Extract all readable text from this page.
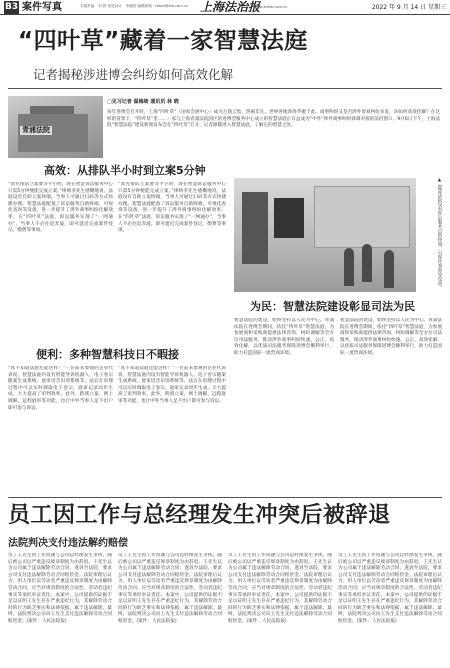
B3 案件写真	本版责编：刘 胜 视觉设计：李晓阳 编辑邮箱：fzbzd@fzb.com.cn 上海法治报
www.shfzb.com.cn	2022 年 9 月 14 日 星期三
“四叶草”藏着一家智慧法庭
记者揭秘涉进博会纠纷如何高效化解
青浦法院
□见习记者 翟梅绮 通讯员 林 晓
每年进博会召开时，上海“四叶草”（国家会展中心）成为万商云集、热闹非凡、世界各地客商齐聚于此。商事纠纷又是否涉外贸易纠纷多发，该如何高效化解？在这样的背景下，“四叶草”里……一家与上海青浦法院园区的进博会服务中心成立的智慧法庭正日益成为“中外”涉外商事纠纷诉调对接的前沿窗口。9月6日下午，上海法院“智慧法院”建设新闻发布会在“四叶草”召开，记者跟随进入智慧法庭，了解它的智慧之处。
高效：从排队半小时到立案5分钟
“原先排队立案要等半小时，现在智慧诉讼服务中心只需5分钟便能完成立案。”律师李先生感慨地说。法庭设有自助立案终端，当事人可通过扫码等方式快捷办理。智慧法庭配备了诉讼服务自助终端、可视化查询等设备，进一步提升了涉外商事纠纷化解效率。在“四叶草”法庭，诉讼服务实现了“一网通办”，当事人不必往返奔波，即可就近完成案件登记、缴费等事项。
“原先排队立案要等半小时，现在智慧诉讼服务中心只需5分钟便能完成立案。”律师李先生感慨地说。法庭设有自助立案终端，当事人可通过扫码等方式快捷办理。智慧法庭配备了诉讼服务自助终端、可视化查询等设备，进一步提升了涉外商事纠纷化解效率。在“四叶草”法庭，诉讼服务实现了“一网通办”，当事人不必往返奔波，即可就近完成案件登记、缴费等事项。	▲ 智慧法院设有诉讼服务自助终端、可视化查询等设备。
便利：多种智慧科技日不暇接
“真不知道法庭还能这样！”一位前来参观的企业代表说。智慧法庭内设有智能导诉机器人、电子卷宗随案生成系统、庭审语音识别系统等。法官在审理过程中可以实时调取电子卷宗，庭审记录同步生成，大大提高了审判效率。此外，跨域立案、网上调解、远程庭审等功能，也让中外当事人足不出户即可参与诉讼。
“真不知道法庭还能这样！”一位前来参观的企业代表说。智慧法庭内设有智能导诉机器人、电子卷宗随案生成系统、庭审语音识别系统等。法官在审理过程中可以实时调取电子卷宗，庭审记录同步生成，大大提高了审判效率。此外，跨域立案、网上调解、远程庭审等功能，也让中外当事人足不出户即可参与诉讼。
为民：智慧法院建设彰显司法为民
智慧法院的建设，始终坚持以人民为中心。青浦法院在进博会期间，依托“四叶草”智慧法庭，为参展商和采购商提供法律咨询、纠纷调解等全方位司法服务，推动涉外商事纠纷快速、公正、高效化解，以优质司法服务保障进博会顺利举行，助力打造国际一流营商环境。
智慧法院的建设，始终坚持以人民为中心。青浦法院在进博会期间，依托“四叶草”智慧法庭，为参展商和采购商提供法律咨询、纠纷调解等全方位司法服务，推动涉外商事纠纷快速、公正、高效化解，以优质司法服务保障进博会顺利举行，助力打造国际一流营商环境。
员工因工作与总经理发生冲突后被辞退
法院判决支付违法解约赔偿
员工王先生因工作问题与公司总经理发生争执，随后被公司以严重违反规章制度为由辞退。王先生认为公司属于违法解除劳动合同，遂诉至法院，要求公司支付违法解除劳动合同赔偿金。法院审理后认为，用人单位以劳动者严重违反规章制度为由解除劳动合同，应当对规章制度的合法性、劳动者违纪事实等承担举证责任。本案中，公司提供的证据不足以证明王先生存在严重违纪行为，其解除劳动合同的行为缺乏事实和法律依据，属于违法解除。最终，法院判决公司向王先生支付违法解除劳动合同赔偿金。(案件：人民法院报)
员工王先生因工作问题与公司总经理发生争执，随后被公司以严重违反规章制度为由辞退。王先生认为公司属于违法解除劳动合同，遂诉至法院，要求公司支付违法解除劳动合同赔偿金。法院审理后认为，用人单位以劳动者严重违反规章制度为由解除劳动合同，应当对规章制度的合法性、劳动者违纪事实等承担举证责任。本案中，公司提供的证据不足以证明王先生存在严重违纪行为，其解除劳动合同的行为缺乏事实和法律依据，属于违法解除。最终，法院判决公司向王先生支付违法解除劳动合同赔偿金。(案件：人民法院报)
员工王先生因工作问题与公司总经理发生争执，随后被公司以严重违反规章制度为由辞退。王先生认为公司属于违法解除劳动合同，遂诉至法院，要求公司支付违法解除劳动合同赔偿金。法院审理后认为，用人单位以劳动者严重违反规章制度为由解除劳动合同，应当对规章制度的合法性、劳动者违纪事实等承担举证责任。本案中，公司提供的证据不足以证明王先生存在严重违纪行为，其解除劳动合同的行为缺乏事实和法律依据，属于违法解除。最终，法院判决公司向王先生支付违法解除劳动合同赔偿金。(案件：人民法院报)
员工王先生因工作问题与公司总经理发生争执，随后被公司以严重违反规章制度为由辞退。王先生认为公司属于违法解除劳动合同，遂诉至法院，要求公司支付违法解除劳动合同赔偿金。法院审理后认为，用人单位以劳动者严重违反规章制度为由解除劳动合同，应当对规章制度的合法性、劳动者违纪事实等承担举证责任。本案中，公司提供的证据不足以证明王先生存在严重违纪行为，其解除劳动合同的行为缺乏事实和法律依据，属于违法解除。最终，法院判决公司向王先生支付违法解除劳动合同赔偿金。(案件：人民法院报)
